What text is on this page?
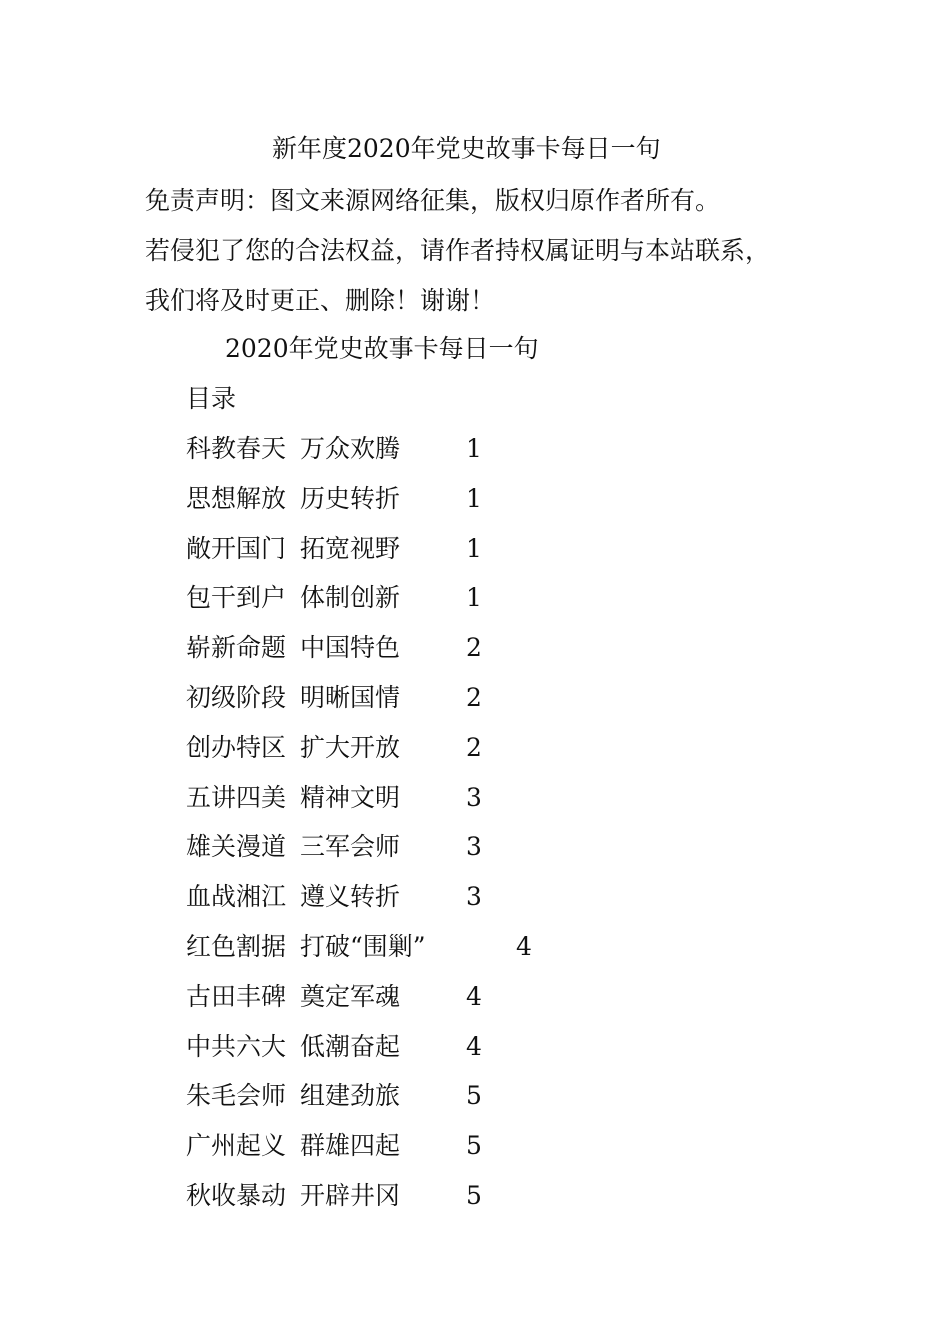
新年度2020年党史故事卡每日一句
免责声明：图文来源网络征集，版权归原作者所有。
若侵犯了您的合法权益，请作者持权属证明与本站联系，
我们将及时更正、删除！谢谢！
2020年党史故事卡每日一句
目录
科教春天 万众欢腾	1
思想解放 历史转折	1
敞开国门 拓宽视野	1
包干到户 体制创新	1
崭新命题 中国特色	2
初级阶段 明晰国情	2
创办特区 扩大开放	2
五讲四美 精神文明	3
雄关漫道 三军会师	3
血战湘江 遵义转折	3
红色割据 打破“围剿”	4
古田丰碑 奠定军魂	4
中共六大 低潮奋起	4
朱毛会师 组建劲旅	5
广州起义 群雄四起	5
秋收暴动 开辟井冈	5
